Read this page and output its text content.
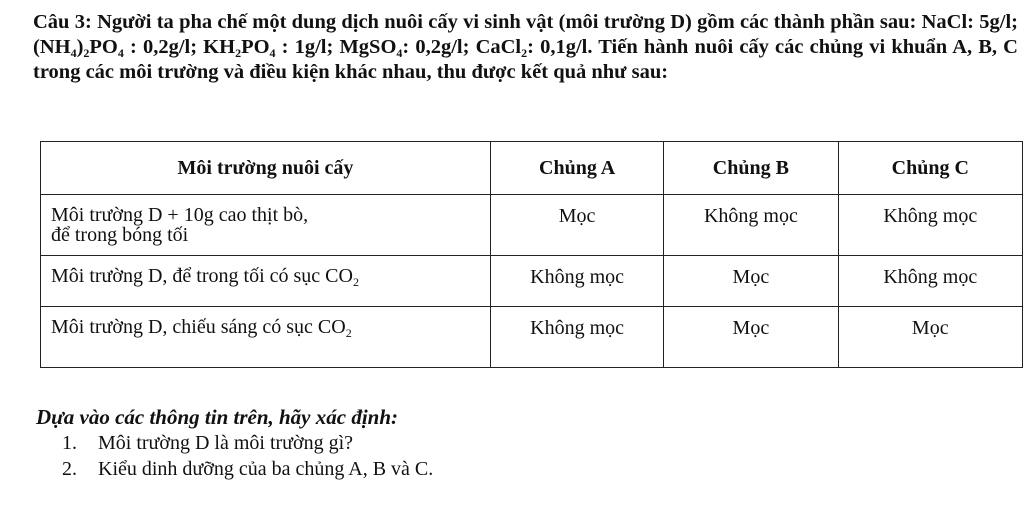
Câu 3: Người ta pha chế một dung dịch nuôi cấy vi sinh vật (môi trường D) gồm các thành phần sau: NaCl: 5g/l; $(NH_4)_2PO_4$ : 0,2g/l; $KH_2PO_4$ : 1g/l; MgSO$_4$: 0,2g/l; CaCl$_2$: 0,1g/l. Tiến hành nuôi cấy các chủng vi khuẩn A, B, C trong các môi trường và điều kiện khác nhau, thu được kết quả như sau:
Môi trường nuôi cấy	Chủng A	Chủng B	Chủng C
Môi trường D + 10g cao thịt bò,
để trong bóng tối	Mọc	Không mọc	Không mọc
Môi trường D, để trong tối có sục $CO_2$	Không mọc	Mọc	Không mọc
Môi trường D, chiếu sáng có sục $CO_2$	Không mọc	Mọc	Mọc
Dựa vào các thông tin trên, hãy xác định:
1.	Môi trường D là môi trường gì?
2.	Kiểu dinh dưỡng của ba chủng A, B và C.
